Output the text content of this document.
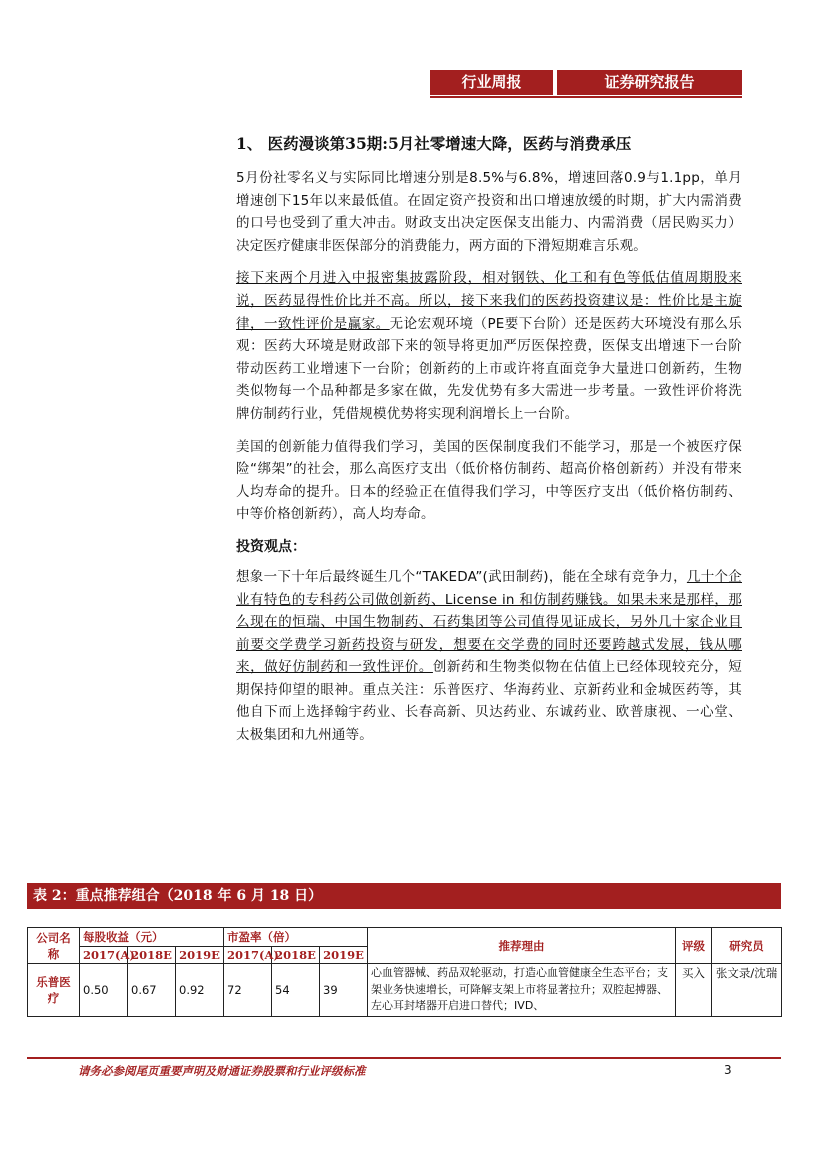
行业周报	证券研究报告
1、 医药漫谈第35期:5月社零增速大降，医药与消费承压

5月份社零名义与实际同比增速分别是8.5%与6.8%，增速回落0.9与1.1pp，单月增速创下15年以来最低值。在固定资产投资和出口增速放缓的时期，扩大内需消费的口号也受到了重大冲击。财政支出决定医保支出能力、内需消费（居民购买力）决定医疗健康非医保部分的消费能力，两方面的下滑短期难言乐观。

接下来两个月进入中报密集披露阶段，相对钢铁、化工和有色等低估值周期股来说，医药显得性价比并不高。所以，接下来我们的医药投资建议是：性价比是主旋律，一致性评价是赢家。无论宏观环境（PE要下台阶）还是医药大环境没有那么乐观：医药大环境是财政部下来的领导将更加严厉医保控费，医保支出增速下一台阶带动医药工业增速下一台阶；创新药的上市或许将直面竞争大量进口创新药，生物类似物每一个品种都是多家在做，先发优势有多大需进一步考量。一致性评价将洗牌仿制药行业，凭借规模优势将实现利润增长上一台阶。

美国的创新能力值得我们学习，美国的医保制度我们不能学习，那是一个被医疗保险“绑架”的社会，那么高医疗支出（低价格仿制药、超高价格创新药）并没有带来人均寿命的提升。日本的经验正在值得我们学习，中等医疗支出（低价格仿制药、中等价格创新药），高人均寿命。

投资观点：

想象一下十年后最终诞生几个“TAKEDA”(武田制药)，能在全球有竞争力，几十个企业有特色的专科药公司做创新药、License in 和仿制药赚钱。如果未来是那样，那么现在的恒瑞、中国生物制药、石药集团等公司值得见证成长，另外几十家企业目前要交学费学习新药投资与研发，想要在交学费的同时还要跨越式发展，钱从哪来，做好仿制药和一致性评价。创新药和生物类似物在估值上已经体现较充分，短期保持仰望的眼神。重点关注：乐普医疗、华海药业、京新药业和金城医药等，其他自下而上选择翰宇药业、长春高新、贝达药业、东诚药业、欧普康视、一心堂、太极集团和九州通等。

表 2：重点推荐组合（2018 年 6 月 18 日）
公司名称	每股收益（元）			市盈率（倍）			推荐理由	评级	研究员
	2017(A)	2018E	2019E	2017(A)	2018E	2019E			
乐普医疗	0.50	0.67	0.92	72	54	39	心血管器械、药品双轮驱动，打造心血管健康全生态平台；支架业务快速增长，可降解支架上市将显著拉升；双腔起搏器、左心耳封堵器开启进口替代；IVD、	买入	张文录/沈瑞
请务必参阅尾页重要声明及财通证券股票和行业评级标准	3
